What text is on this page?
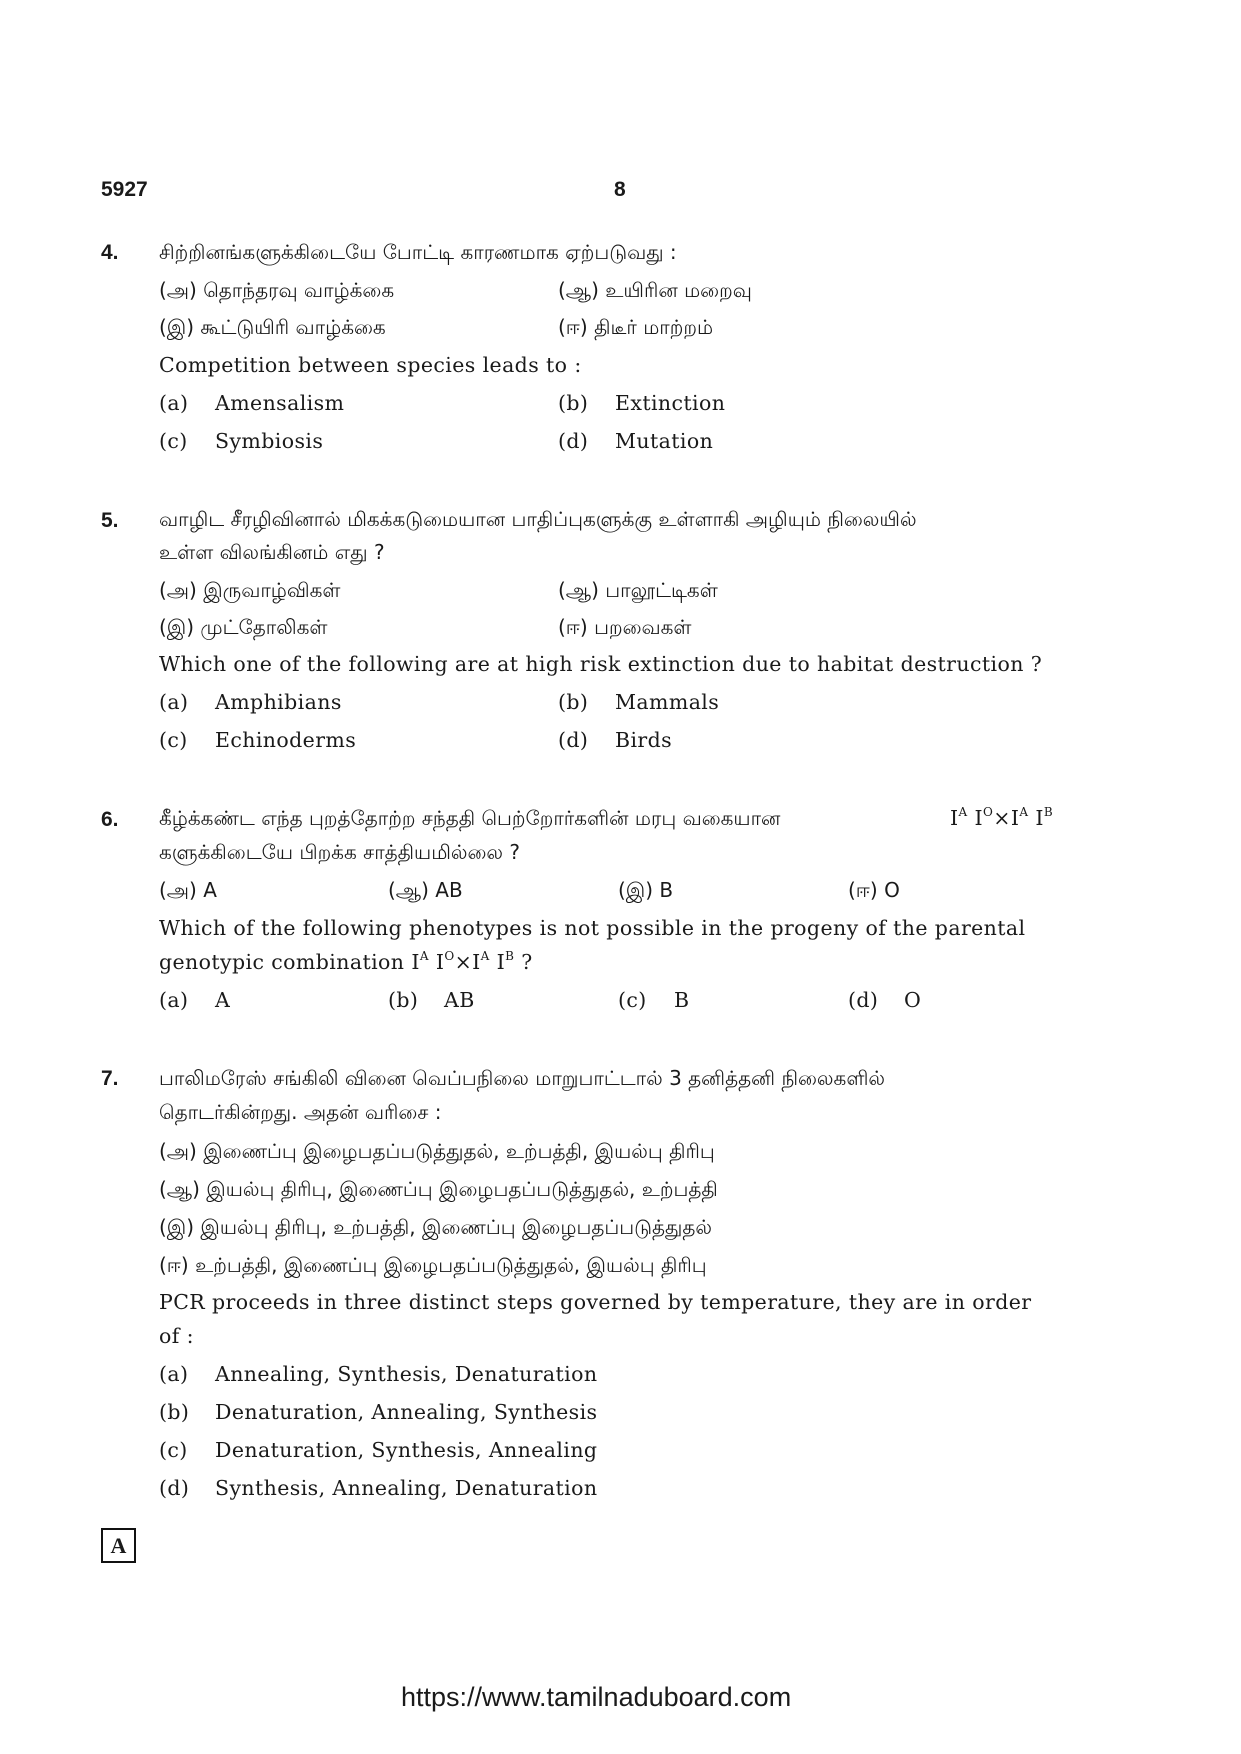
5927	8
4. சிற்றினங்களுக்கிடையே போட்டி காரணமாக ஏற்படுவது :
(அ) தொந்தரவு வாழ்க்கை	(ஆ) உயிரின மறைவு
(இ) கூட்டுயிரி வாழ்க்கை	(ஈ) திடீர் மாற்றம்
Competition between species leads to :
(a) Amensalism	(b) Extinction
(c) Symbiosis	(d) Mutation
5. வாழிட சீரழிவினால் மிகக்கடுமையான பாதிப்புகளுக்கு உள்ளாகி அழியும் நிலையில்
உள்ள விலங்கினம் எது ?
(அ) இருவாழ்விகள்	(ஆ) பாலூட்டிகள்
(இ) முட்தோலிகள்	(ஈ) பறவைகள்
Which one of the following are at high risk extinction due to habitat destruction ?
(a) Amphibians	(b) Mammals
(c) Echinoderms	(d) Birds
6. கீழ்க்கண்ட எந்த புறத்தோற்ற சந்ததி பெற்றோர்களின் மரபு வகையான	$I^A$ $I^O\times I^A$ $I^B$
களுக்கிடையே பிறக்க சாத்தியமில்லை ?
(அ) A	(ஆ) AB	(இ) B	(ஈ) O
Which of the following phenotypes is not possible in the progeny of the parental
genotypic combination $I^A$ $I^O\times I^A$ $I^B$ ?
(a) A	(b) AB	(c) B	(d) O
7. பாலிமரேஸ் சங்கிலி வினை வெப்பநிலை மாறுபாட்டால் 3 தனித்தனி நிலைகளில்
தொடர்கின்றது. அதன் வரிசை :
(அ) இணைப்பு இழைபதப்படுத்துதல், உற்பத்தி, இயல்பு திரிபு
(ஆ) இயல்பு திரிபு, இணைப்பு இழைபதப்படுத்துதல், உற்பத்தி
(இ) இயல்பு திரிபு, உற்பத்தி, இணைப்பு இழைபதப்படுத்துதல்
(ஈ) உற்பத்தி, இணைப்பு இழைபதப்படுத்துதல், இயல்பு திரிபு
PCR proceeds in three distinct steps governed by temperature, they are in order
of :
(a) Annealing, Synthesis, Denaturation
(b) Denaturation, Annealing, Synthesis
(c) Denaturation, Synthesis, Annealing
(d) Synthesis, Annealing, Denaturation
A
https://www.tamilnaduboard.com
